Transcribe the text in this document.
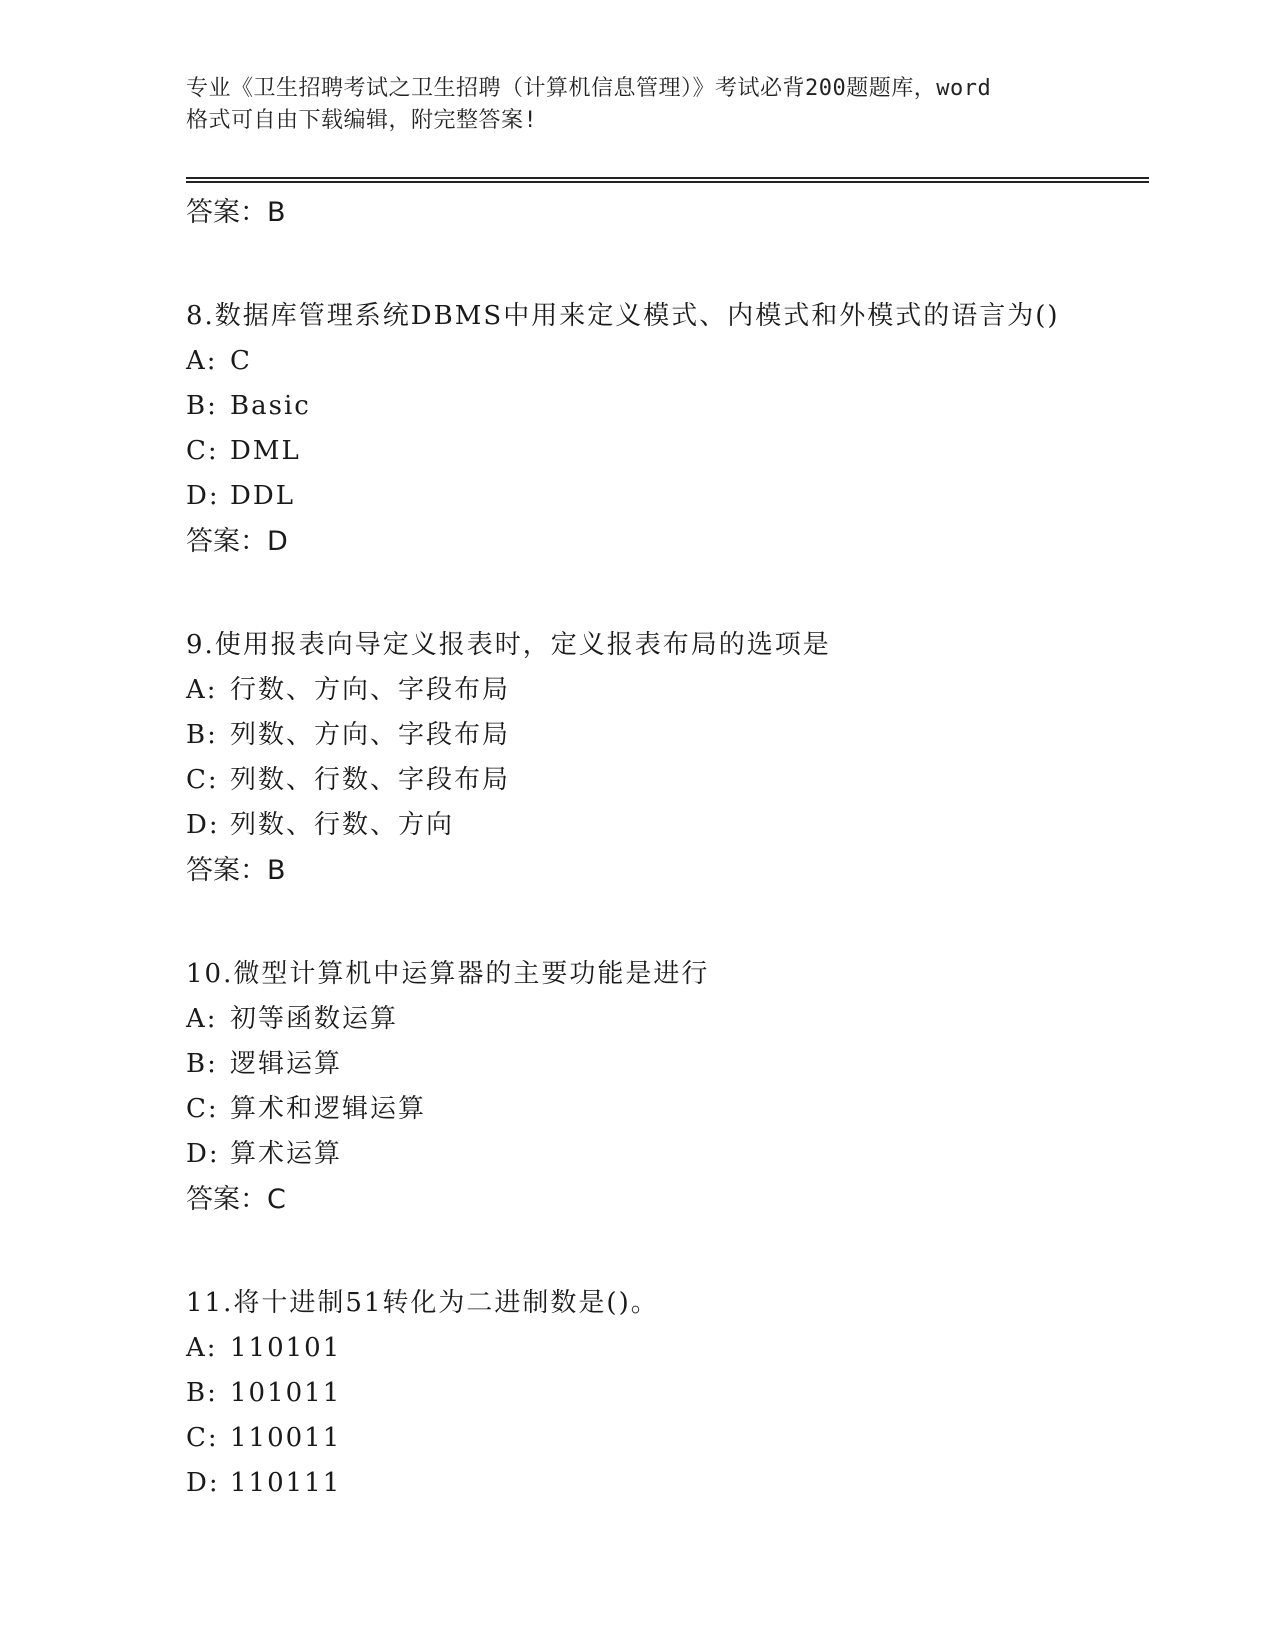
专业《卫生招聘考试之卫生招聘（计算机信息管理）》考试必背200题题库，word
格式可自由下载编辑，附完整答案!
答案：B
8.数据库管理系统DBMS中用来定义模式、内模式和外模式的语言为()
A: C
B: Basic
C: DML
D: DDL
答案：D
9.使用报表向导定义报表时，定义报表布局的选项是
A: 行数、方向、字段布局
B: 列数、方向、字段布局
C: 列数、行数、字段布局
D: 列数、行数、方向
答案：B
10.微型计算机中运算器的主要功能是进行
A: 初等函数运算
B: 逻辑运算
C: 算术和逻辑运算
D: 算术运算
答案：C
11.将十进制51转化为二进制数是()。
A: 110101
B: 101011
C: 110011
D: 110111
